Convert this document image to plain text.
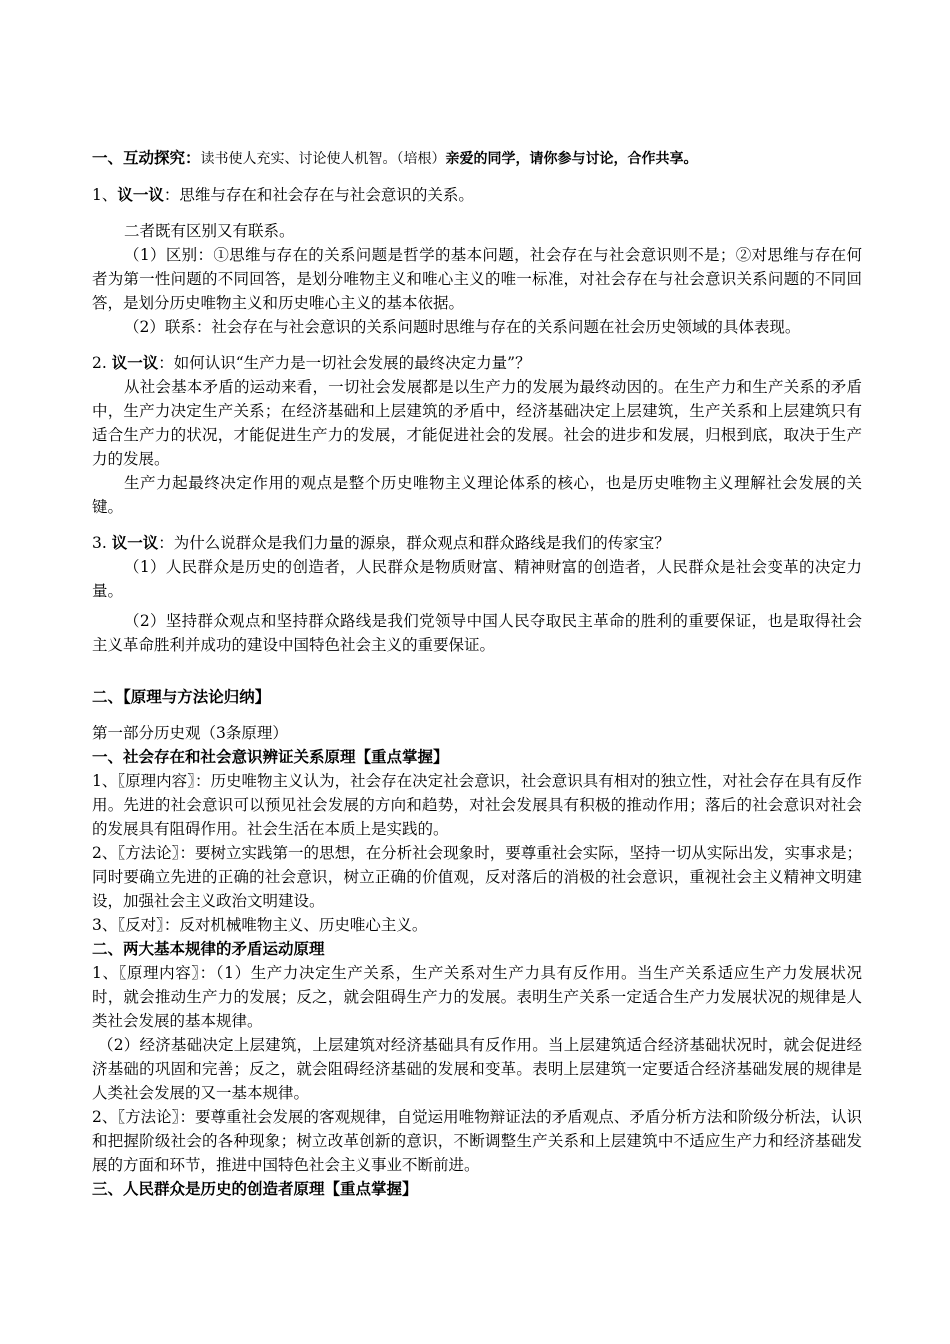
一、互动探究：读书使人充实、讨论使人机智。（培根）亲爱的同学，请你参与讨论，合作共享。

1、议一议：思维与存在和社会存在与社会意识的关系。

二者既有区别又有联系。

（1）区别：①思维与存在的关系问题是哲学的基本问题，社会存在与社会意识则不是；②对思维与存在何者为第一性问题的不同回答，是划分唯物主义和唯心主义的唯一标准，对社会存在与社会意识关系问题的不同回答，是划分历史唯物主义和历史唯心主义的基本依据。

（2）联系：社会存在与社会意识的关系问题时思维与存在的关系问题在社会历史领域的具体表现。

2. 议一议：如何认识“生产力是一切社会发展的最终决定力量”？

从社会基本矛盾的运动来看，一切社会发展都是以生产力的发展为最终动因的。在生产力和生产关系的矛盾中，生产力决定生产关系；在经济基础和上层建筑的矛盾中，经济基础决定上层建筑，生产关系和上层建筑只有适合生产力的状况，才能促进生产力的发展，才能促进社会的发展。社会的进步和发展，归根到底，取决于生产力的发展。

生产力起最终决定作用的观点是整个历史唯物主义理论体系的核心，也是历史唯物主义理解社会发展的关键。

3. 议一议：为什么说群众是我们力量的源泉，群众观点和群众路线是我们的传家宝？

（1）人民群众是历史的创造者，人民群众是物质财富、精神财富的创造者，人民群众是社会变革的决定力量。

（2）坚持群众观点和坚持群众路线是我们党领导中国人民夺取民主革命的胜利的重要保证，也是取得社会主义革命胜利并成功的建设中国特色社会主义的重要保证。

二、【原理与方法论归纳】

第一部分历史观（3条原理）

一、社会存在和社会意识辨证关系原理【重点掌握】

1、〖原理内容〗：历史唯物主义认为，社会存在决定社会意识，社会意识具有相对的独立性，对社会存在具有反作用。先进的社会意识可以预见社会发展的方向和趋势，对社会发展具有积极的推动作用；落后的社会意识对社会的发展具有阻碍作用。社会生活在本质上是实践的。

2、〖方法论〗：要树立实践第一的思想，在分析社会现象时，要尊重社会实际，坚持一切从实际出发，实事求是；同时要确立先进的正确的社会意识，树立正确的价值观，反对落后的消极的社会意识，重视社会主义精神文明建设，加强社会主义政治文明建设。

3、〖反对〗：反对机械唯物主义、历史唯心主义。

二、两大基本规律的矛盾运动原理

1、〖原理内容〗：（1）生产力决定生产关系，生产关系对生产力具有反作用。当生产关系适应生产力发展状况时，就会推动生产力的发展；反之，就会阻碍生产力的发展。表明生产关系一定适合生产力发展状况的规律是人类社会发展的基本规律。

（2）经济基础决定上层建筑，上层建筑对经济基础具有反作用。当上层建筑适合经济基础状况时，就会促进经济基础的巩固和完善；反之，就会阻碍经济基础的发展和变革。表明上层建筑一定要适合经济基础发展的规律是人类社会发展的又一基本规律。

2、〖方法论〗：要尊重社会发展的客观规律，自觉运用唯物辩证法的矛盾观点、矛盾分析方法和阶级分析法，认识和把握阶级社会的各种现象；树立改革创新的意识，不断调整生产关系和上层建筑中不适应生产力和经济基础发展的方面和环节，推进中国特色社会主义事业不断前进。

三、人民群众是历史的创造者原理【重点掌握】
